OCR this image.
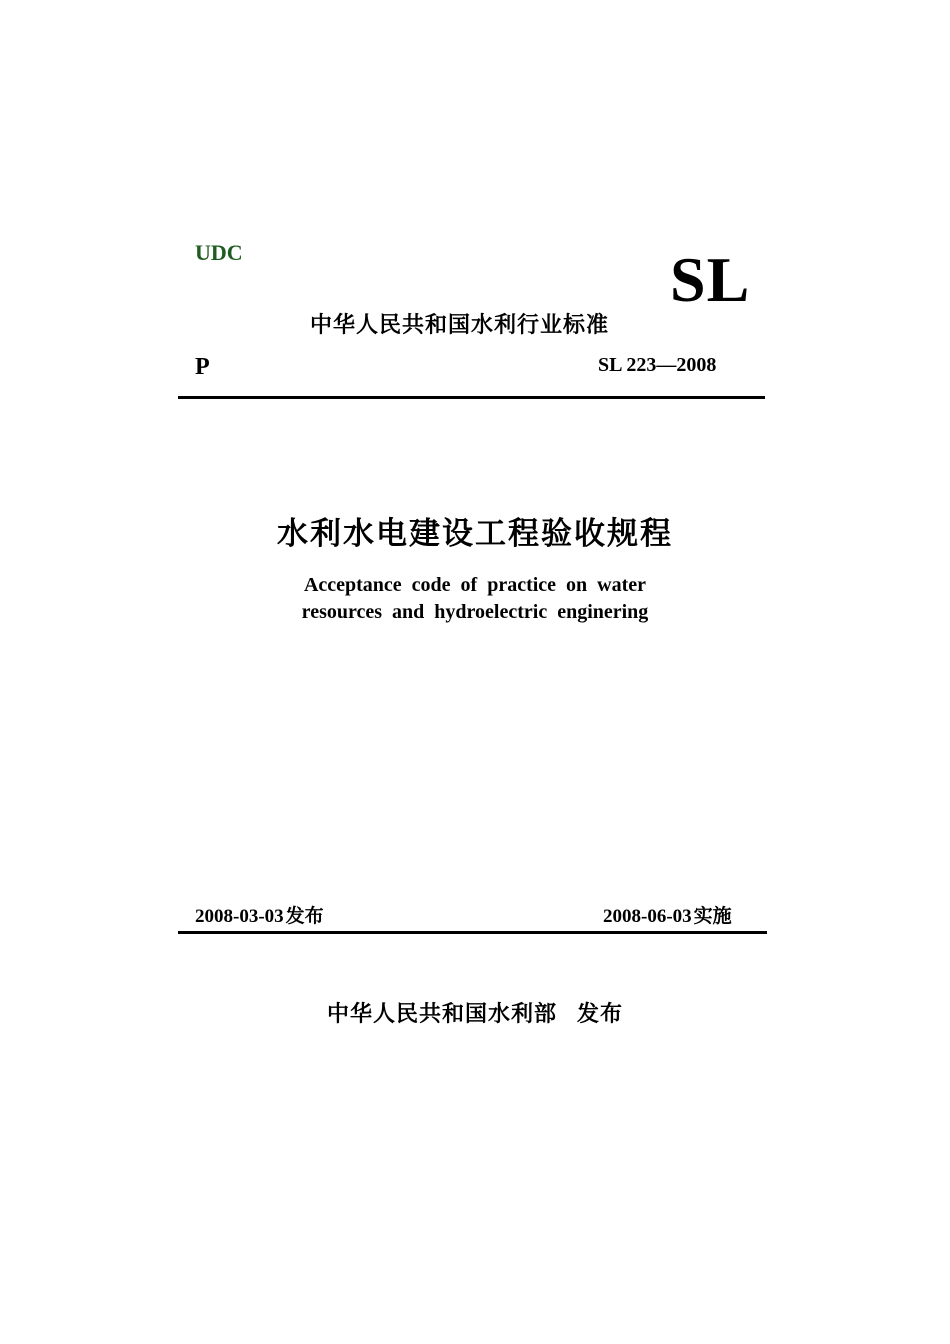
UDC	SL
中华人民共和国水利行业标准
P	SL 223—2008
水利水电建设工程验收规程
Acceptance code of practice on water
resources and hydroelectric enginering
2008-03-03 发布	2008-06-03 实施
中华人民共和国水利部 发布
